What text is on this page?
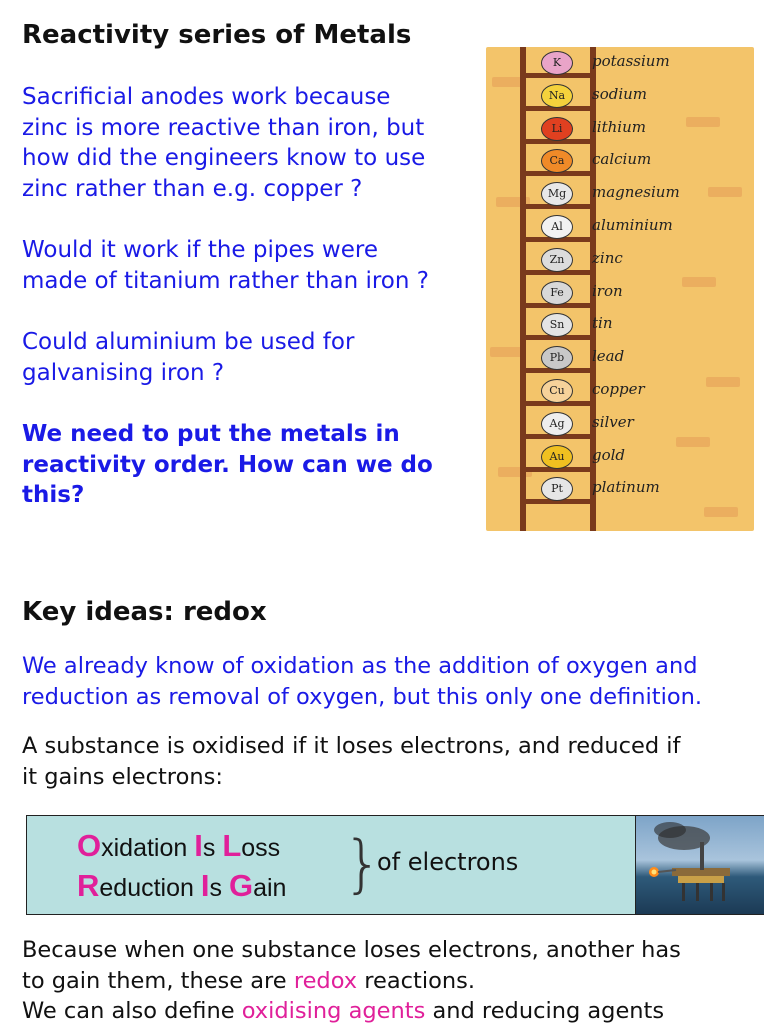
Reactivity series of Metals
Sacrificial anodes work because
zinc is more reactive than iron, but
how did the engineers know to use
zinc rather than e.g. copper ?
Would it work if the pipes were
made of titanium rather than iron ?
Could aluminium be used for
galvanising iron ?
We need to put the metals in
reactivity order. How can we do
this?
K	potassium
Na	sodium
Li	lithium
Ca	calcium
Mg	magnesium
Al	aluminium
Zn	zinc
Fe	iron
Sn	tin
Pb	lead
Cu	copper
Ag	silver
Au	gold
Pt	platinum
Key ideas: redox
We already know of oxidation as the addition of oxygen and
reduction as removal of oxygen, but this only one definition.
A substance is oxidised if it loses electrons, and reduced if
it gains electrons:
Oxidation Is Loss
Reduction Is Gain }
of electrons
Because when one substance loses electrons, another has
to gain them, these are redox reactions.
We can also define oxidising agents and reducing agents
